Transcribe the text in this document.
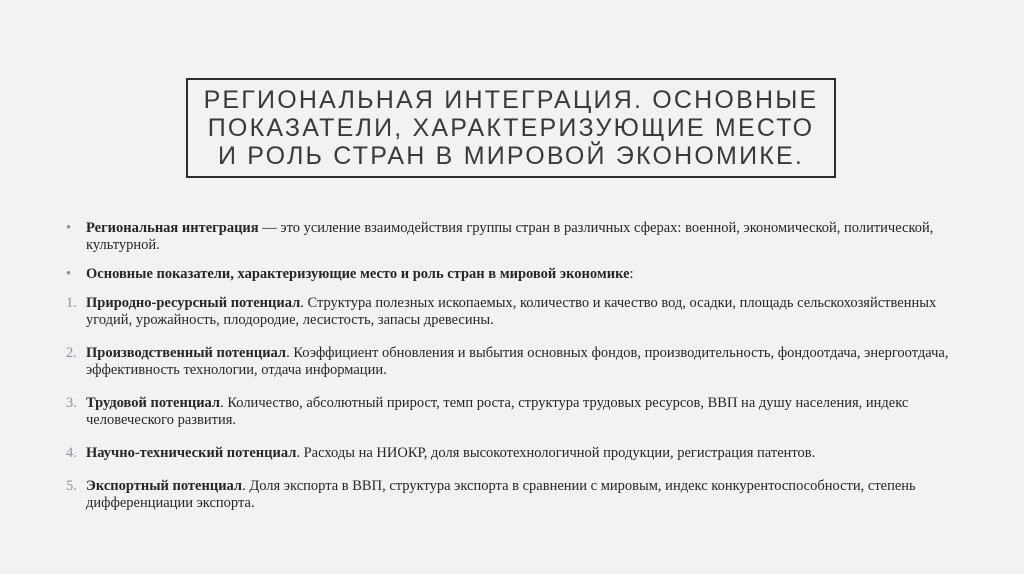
РЕГИОНАЛЬНАЯ ИНТЕГРАЦИЯ. ОСНОВНЫЕ
ПОКАЗАТЕЛИ, ХАРАКТЕРИЗУЮЩИЕ МЕСТО
И РОЛЬ СТРАН В МИРОВОЙ ЭКОНОМИКЕ.
•	Региональная интеграция — это усиление взаимодействия группы стран в различных сферах: военной, экономической, политической, культурной.
•	Основные показатели, характеризующие место и роль стран в мировой экономике:
1. Природно-ресурсный потенциал. Структура полезных ископаемых, количество и качество вод, осадки, площадь сельскохозяйственных угодий, урожайность, плодородие, лесистость, запасы древесины.
2. Производственный потенциал. Коэффициент обновления и выбытия основных фондов, производительность, фондоотдача, энергоотдача, эффективность технологии, отдача информации.
3. Трудовой потенциал. Количество, абсолютный прирост, темп роста, структура трудовых ресурсов, ВВП на душу населения, индекс человеческого развития.
4. Научно-технический потенциал. Расходы на НИОКР, доля высокотехнологичной продукции, регистрация патентов.
5. Экспортный потенциал. Доля экспорта в ВВП, структура экспорта в сравнении с мировым, индекс конкурентоспособности, степень дифференциации экспорта.
